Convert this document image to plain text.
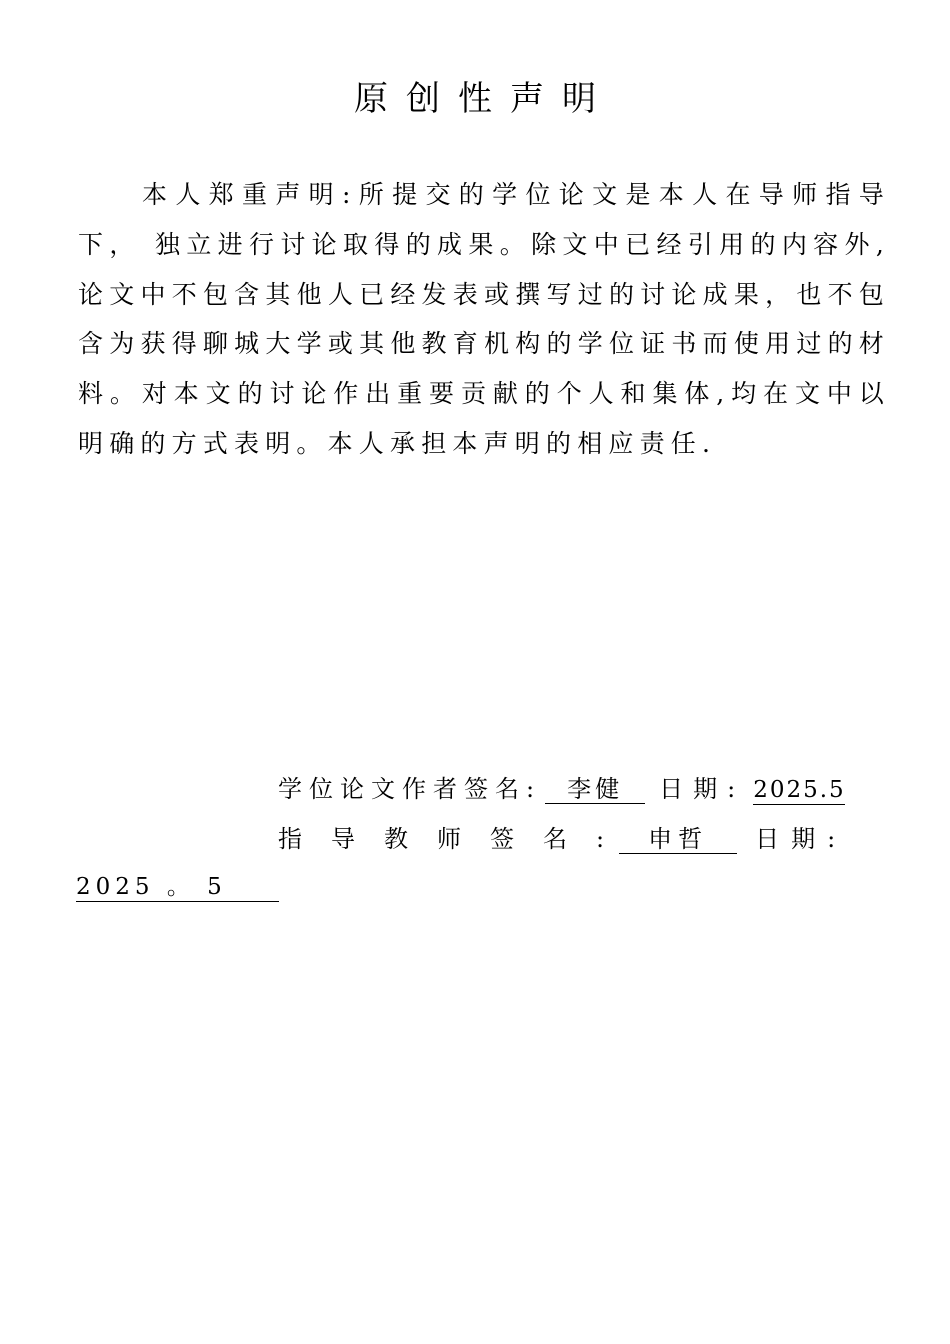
原创性声明
本人郑重声明:所提交的学位论文是本人在导师指导下， 独立进行讨论取得的成果。除文中已经引用的内容外,论文中不包含其他人已经发表或撰写过的讨论成果，也不包含为获得聊城大学或其他教育机构的学位证书而使用过的材料。对本文的讨论作出重要贡献的个人和集体,均在文中以明确的方式表明。本人承担本声明的相应责任.
学位论文作者签名: 李健 日期: 2025.5
指导教师签名: 申哲 日期:
2025 。 5
